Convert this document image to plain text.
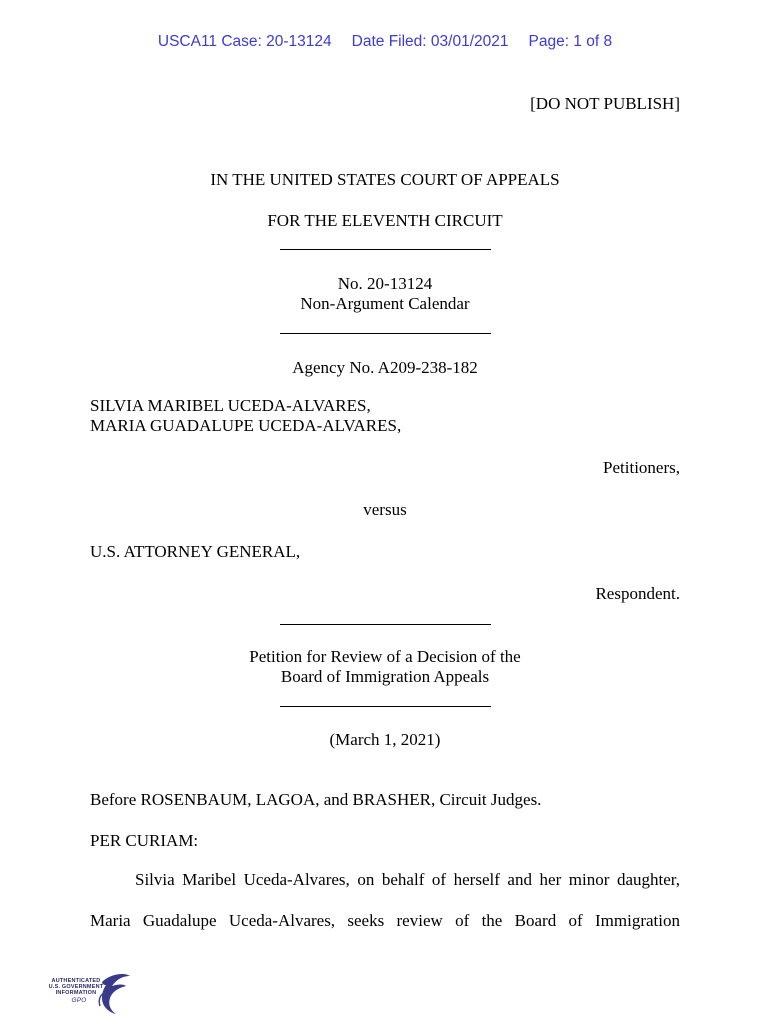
USCA11 Case: 20-13124 Date Filed: 03/01/2021 Page: 1 of 8
[DO NOT PUBLISH]
IN THE UNITED STATES COURT OF APPEALS
FOR THE ELEVENTH CIRCUIT
No. 20-13124
Non-Argument Calendar
Agency No. A209-238-182
SILVIA MARIBEL UCEDA-ALVARES,
MARIA GUADALUPE UCEDA-ALVARES,
Petitioners,
versus
U.S. ATTORNEY GENERAL,
Respondent.
Petition for Review of a Decision of the
Board of Immigration Appeals
(March 1, 2021)
Before ROSENBAUM, LAGOA, and BRASHER, Circuit Judges.
PER CURIAM:
Silvia Maribel Uceda-Alvares, on behalf of herself and her minor daughter,
Maria Guadalupe Uceda-Alvares, seeks review of the Board of Immigration
AUTHENTICATED
U.S. GOVERNMENT
INFORMATION
GPO
